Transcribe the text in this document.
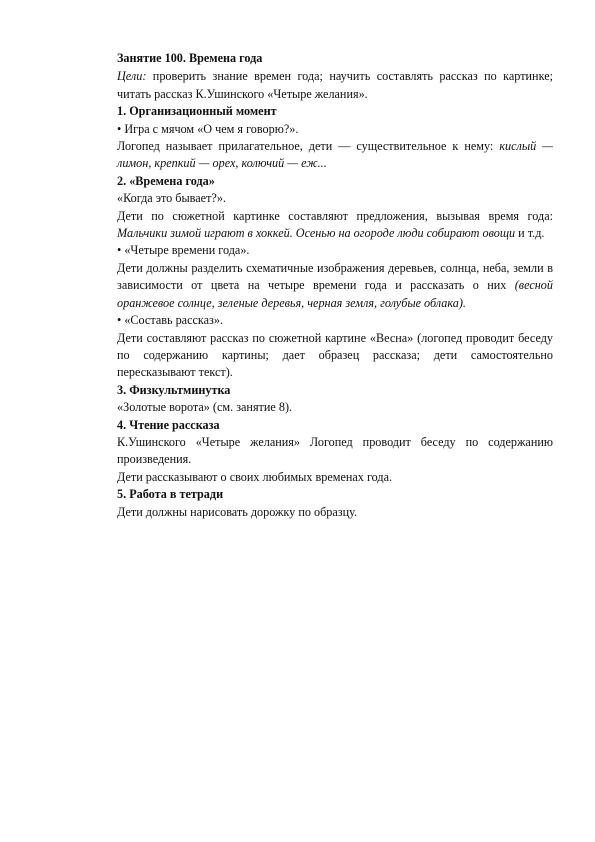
Занятие 100. Времена года

Цели: проверить знание времен года; научить составлять рассказ по картинке; читать рассказ К.Ушинского «Четыре желания».

1. Организационный момент

• Игра с мячом «О чем я говорю?».

Логопед называет прилагательное, дети — существительное к нему: кислый — лимон, крепкий — орех, колючий — еж...

2. «Времена года»

«Когда это бывает?».

Дети по сюжетной картинке составляют предложения, вызывая время года: Мальчики зимой играют в хоккей. Осенью на огороде люди собирают овощи и т.д.

• «Четыре времени года».

Дети должны разделить схематичные изображения деревьев, солнца, неба, земли в зависимости от цвета на четыре времени года и рассказать о них (весной оранжевое солнце, зеленые деревья, черная земля, голубые облака).

• «Составь рассказ».

Дети составляют рассказ по сюжетной картине «Весна» (логопед проводит беседу по содержанию картины; дает образец рассказа; дети самостоятельно пересказывают текст).

3. Физкультминутка

«Золотые ворота» (см. занятие 8).

4. Чтение рассказа

К.Ушинского «Четыре желания» Логопед проводит беседу по содержанию произведения.

Дети рассказывают о своих любимых временах года.

5. Работа в тетради

Дети должны нарисовать дорожку по образцу.
